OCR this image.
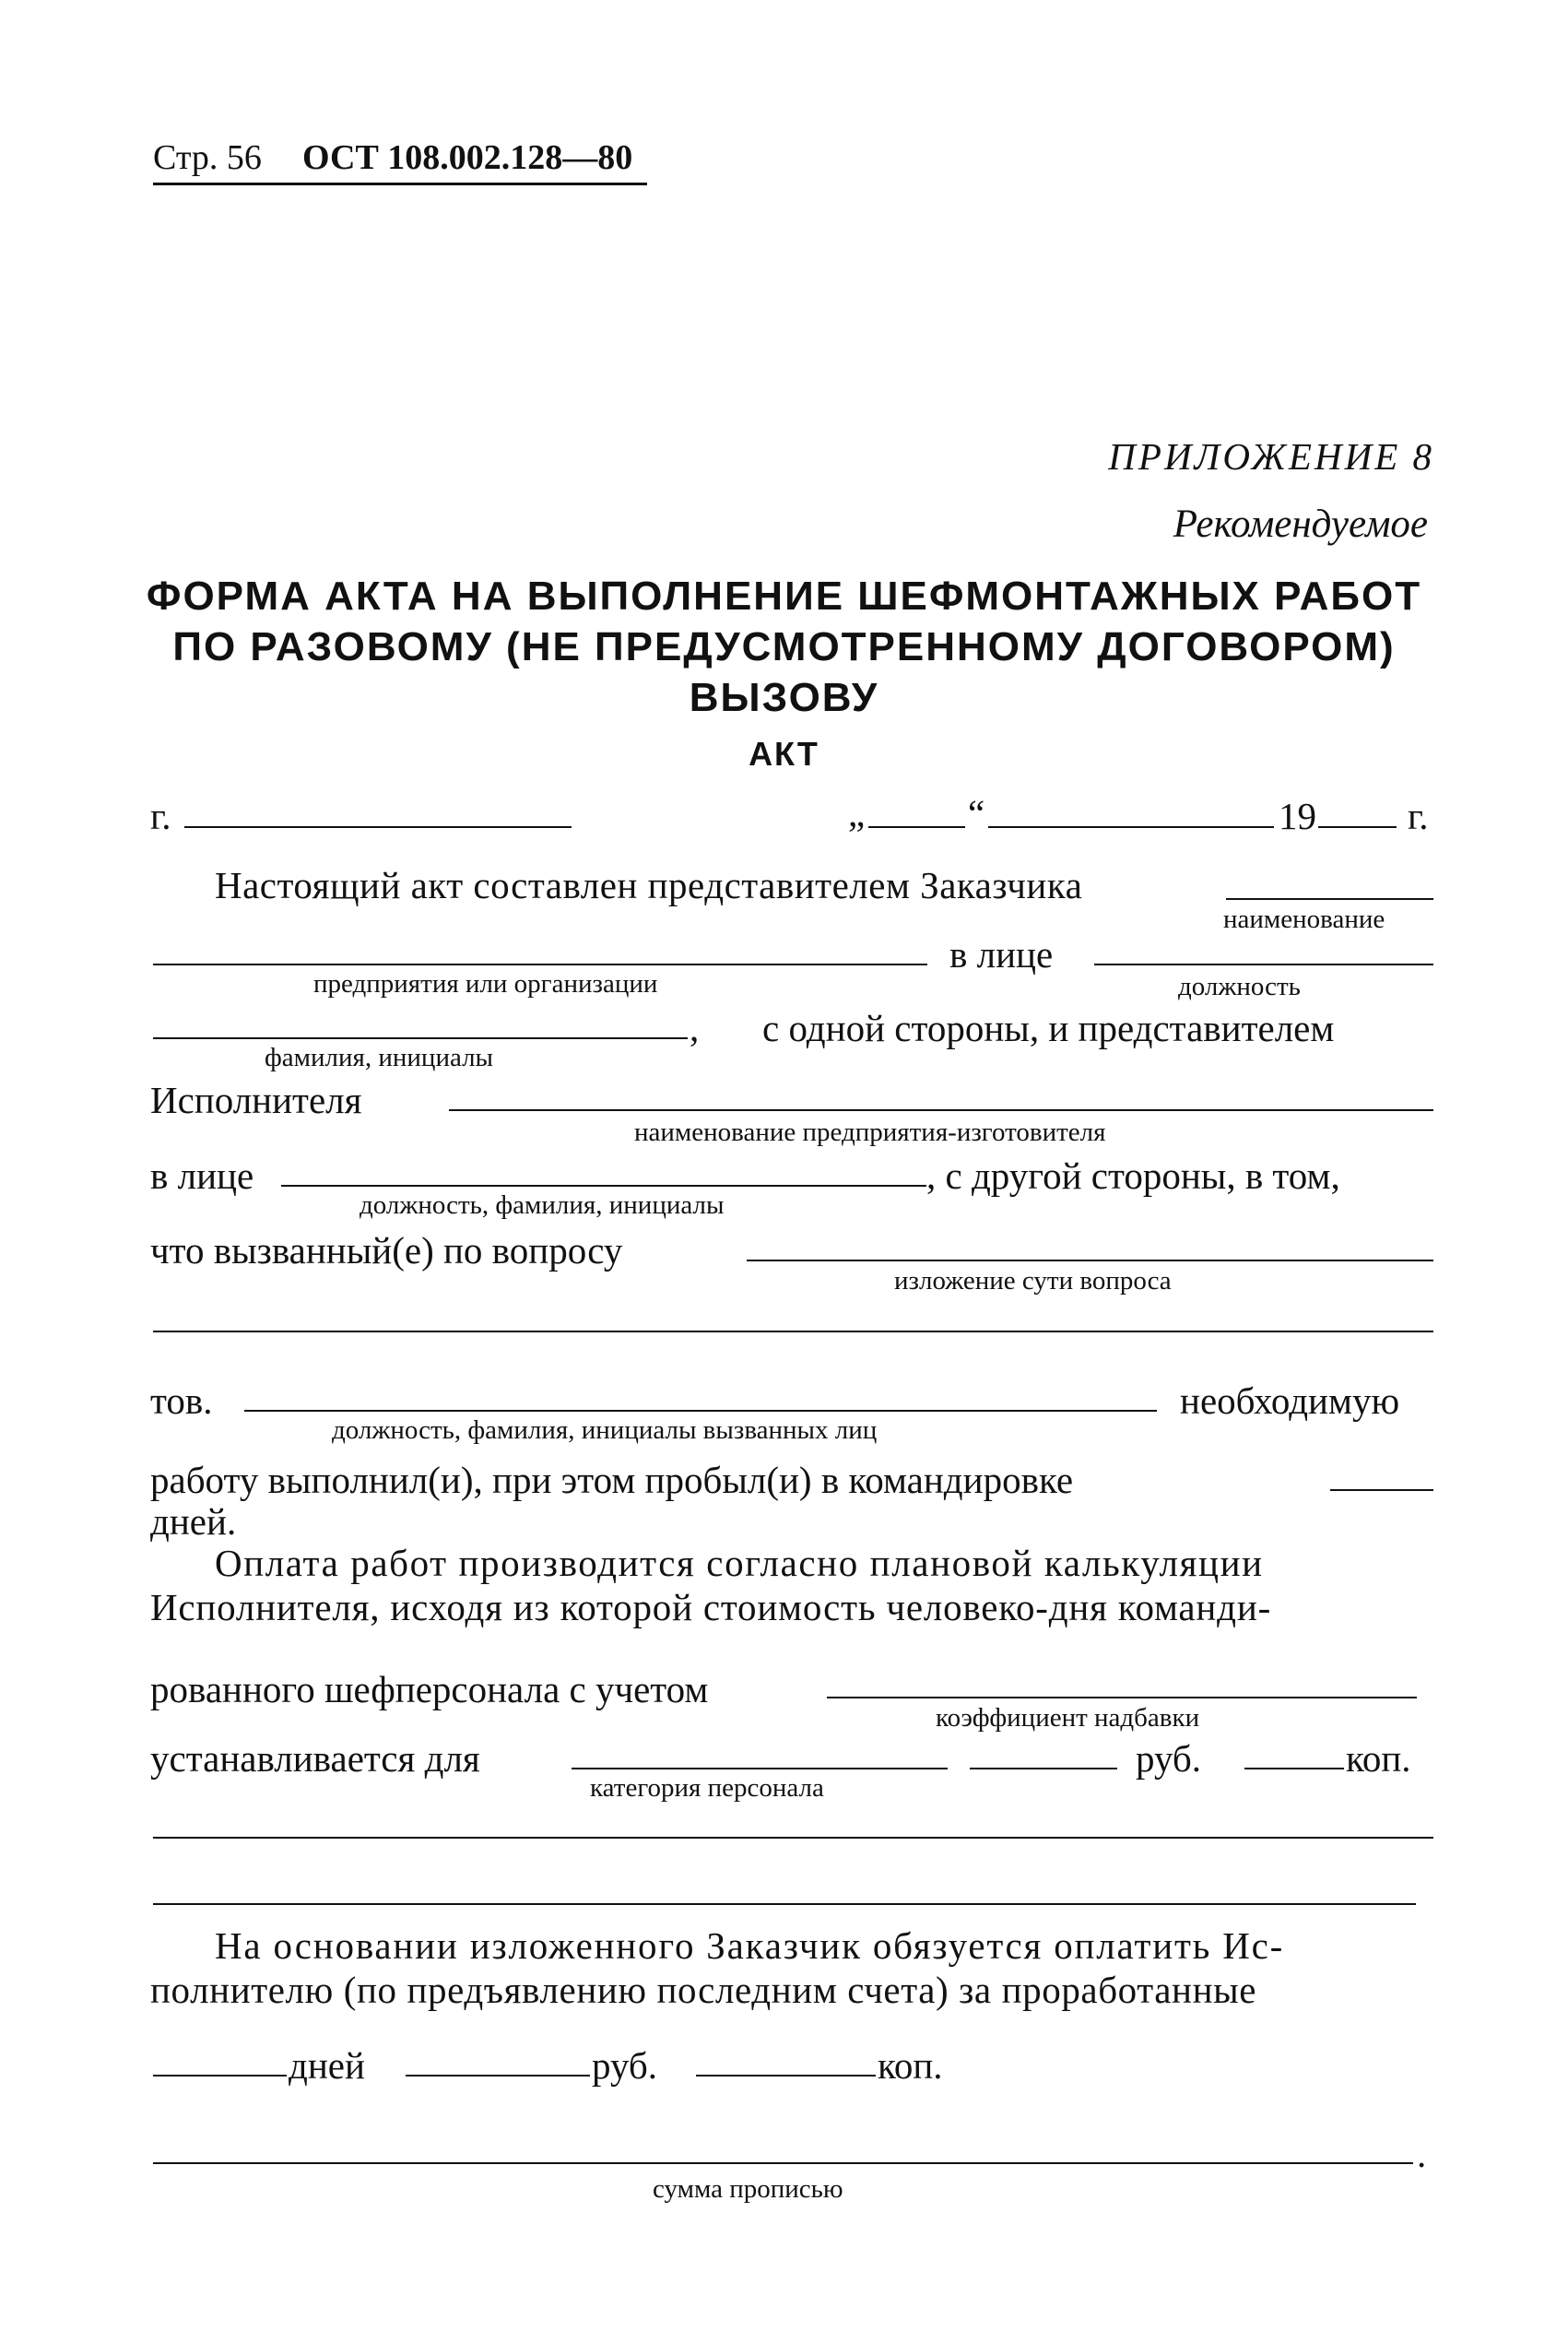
Стр. 56 ОСТ 108.002.128—80
ПРИЛОЖЕНИЕ 8
Рекомендуемое
ФОРМА АКТА НА ВЫПОЛНЕНИЕ ШЕФМОНТАЖНЫХ РАБОТ
ПО РАЗОВОМУ (НЕ ПРЕДУСМОТРЕННОМУ ДОГОВОРОМ)
ВЫЗОВУ
АКТ
г.	„	“	19 г.
Настоящий акт составлен представителем Заказчика
наименование
в лице
предприятия или организации	должность
, с одной стороны, и представителем
фамилия, инициалы
Исполнителя
наименование предприятия-изготовителя
в лице	, с другой стороны, в том,
должность, фамилия, инициалы
что вызванный(е) по вопросу
изложение сути вопроса
тов.	необходимую
должность, фамилия, инициалы вызванных лиц
работу выполнил(и), при этом пробыл(и) в командировке
дней.
Оплата работ производится согласно плановой калькуляции
Исполнителя, исходя из которой стоимость человеко-дня команди-
рованного шефперсонала с учетом
коэффициент надбавки
устанавливается для	руб.	коп.
категория персонала
На основании изложенного Заказчик обязуется оплатить Ис-
полнителю (по предъявлению последним счета) за проработанные
дней	руб.	коп.
.
сумма прописью
